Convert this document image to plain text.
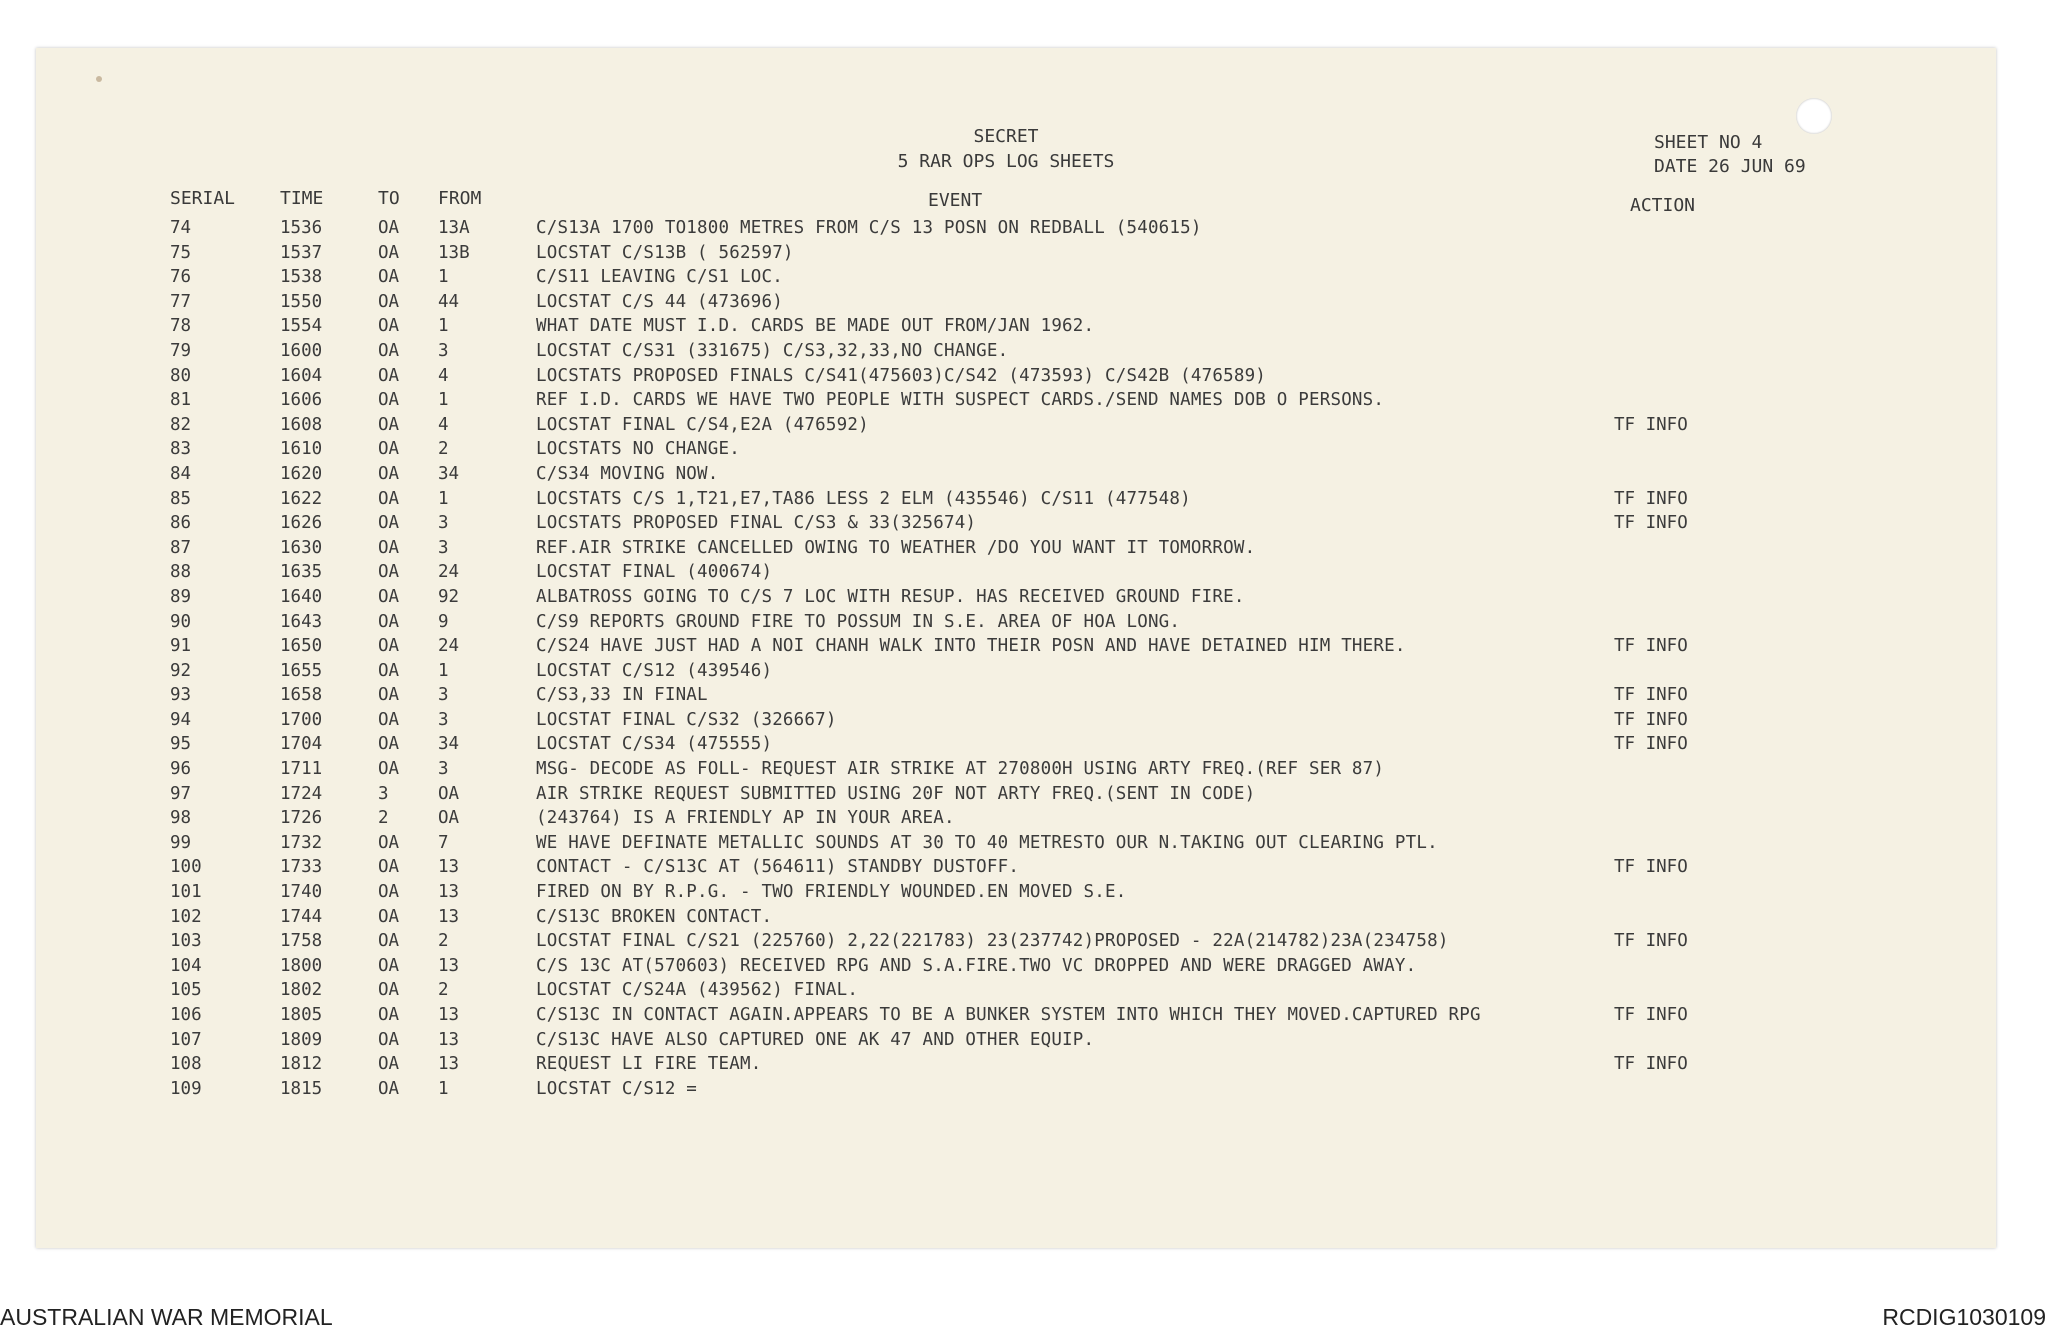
SECRET
5 RAR OPS LOG SHEETS
SHEET NO 4
DATE 26 JUN 69
SERIAL TIME	TO FROM	EVENT	ACTION
74	1536	OA 13A	C/S13A 1700 TO1800 METRES FROM C/S 13 POSN ON REDBALL (540615)
75	1537	OA 13B	LOCSTAT C/S13B ( 562597)
76	1538	OA 1	C/S11 LEAVING C/S1 LOC.
77	1550	OA 44	LOCSTAT C/S 44 (473696)
78	1554	OA 1	WHAT DATE MUST I.D. CARDS BE MADE OUT FROM/JAN 1962.
79	1600	OA 3	LOCSTAT C/S31 (331675) C/S3,32,33,NO CHANGE.
80	1604	OA 4	LOCSTATS PROPOSED FINALS C/S41(475603)C/S42 (473593) C/S42B (476589)
81	1606	OA 1	REF I.D. CARDS WE HAVE TWO PEOPLE WITH SUSPECT CARDS./SEND NAMES DOB O PERSONS.
82	1608	OA 4	LOCSTAT FINAL C/S4,E2A (476592)	TF INFO
83	1610	OA 2	LOCSTATS NO CHANGE.
84	1620	OA 34	C/S34 MOVING NOW.
85	1622	OA 1	LOCSTATS C/S 1,T21,E7,TA86 LESS 2 ELM (435546) C/S11 (477548)	TF INFO
86	1626	OA 3	LOCSTATS PROPOSED FINAL C/S3 & 33(325674)	TF INFO
87	1630	OA 3	REF.AIR STRIKE CANCELLED OWING TO WEATHER /DO YOU WANT IT TOMORROW.
88	1635	OA 24	LOCSTAT FINAL (400674)
89	1640	OA 92	ALBATROSS GOING TO C/S 7 LOC WITH RESUP. HAS RECEIVED GROUND FIRE.
90	1643	OA 9	C/S9 REPORTS GROUND FIRE TO POSSUM IN S.E. AREA OF HOA LONG.
91	1650	OA 24	C/S24 HAVE JUST HAD A NOI CHANH WALK INTO THEIR POSN AND HAVE DETAINED HIM THERE.	TF INFO
92	1655	OA 1	LOCSTAT C/S12 (439546)
93	1658	OA 3	C/S3,33 IN FINAL	TF INFO
94	1700	OA 3	LOCSTAT FINAL C/S32 (326667)	TF INFO
95	1704	OA 34	LOCSTAT C/S34 (475555)	TF INFO
96	1711	OA 3	MSG- DECODE AS FOLL- REQUEST AIR STRIKE AT 270800H USING ARTY FREQ.(REF SER 87)
97	1724	3	OA	AIR STRIKE REQUEST SUBMITTED USING 20F NOT ARTY FREQ.(SENT IN CODE)
98	1726	2	OA	(243764) IS A FRIENDLY AP IN YOUR AREA.
99	1732	OA 7	WE HAVE DEFINATE METALLIC SOUNDS AT 30 TO 40 METRESTO OUR N.TAKING OUT CLEARING PTL.
100	1733	OA 13	CONTACT - C/S13C AT (564611) STANDBY DUSTOFF.	TF INFO
101	1740	OA 13	FIRED ON BY R.P.G. - TWO FRIENDLY WOUNDED.EN MOVED S.E.
102	1744	OA 13	C/S13C BROKEN CONTACT.
103	1758	OA 2	LOCSTAT FINAL C/S21 (225760) 2,22(221783) 23(237742)PROPOSED - 22A(214782)23A(234758)	TF INFO
104	1800	OA 13	C/S 13C AT(570603) RECEIVED RPG AND S.A.FIRE.TWO VC DROPPED AND WERE DRAGGED AWAY.
105	1802	OA 2	LOCSTAT C/S24A (439562) FINAL.
106	1805	OA 13	C/S13C IN CONTACT AGAIN.APPEARS TO BE A BUNKER SYSTEM INTO WHICH THEY MOVED.CAPTURED RPG	TF INFO
107	1809	OA 13	C/S13C HAVE ALSO CAPTURED ONE AK 47 AND OTHER EQUIP.
108	1812	OA 13	REQUEST LI FIRE TEAM.	TF INFO
109	1815	OA 1	LOCSTAT C/S12 =
AUSTRALIAN WAR MEMORIAL	RCDIG1030109
